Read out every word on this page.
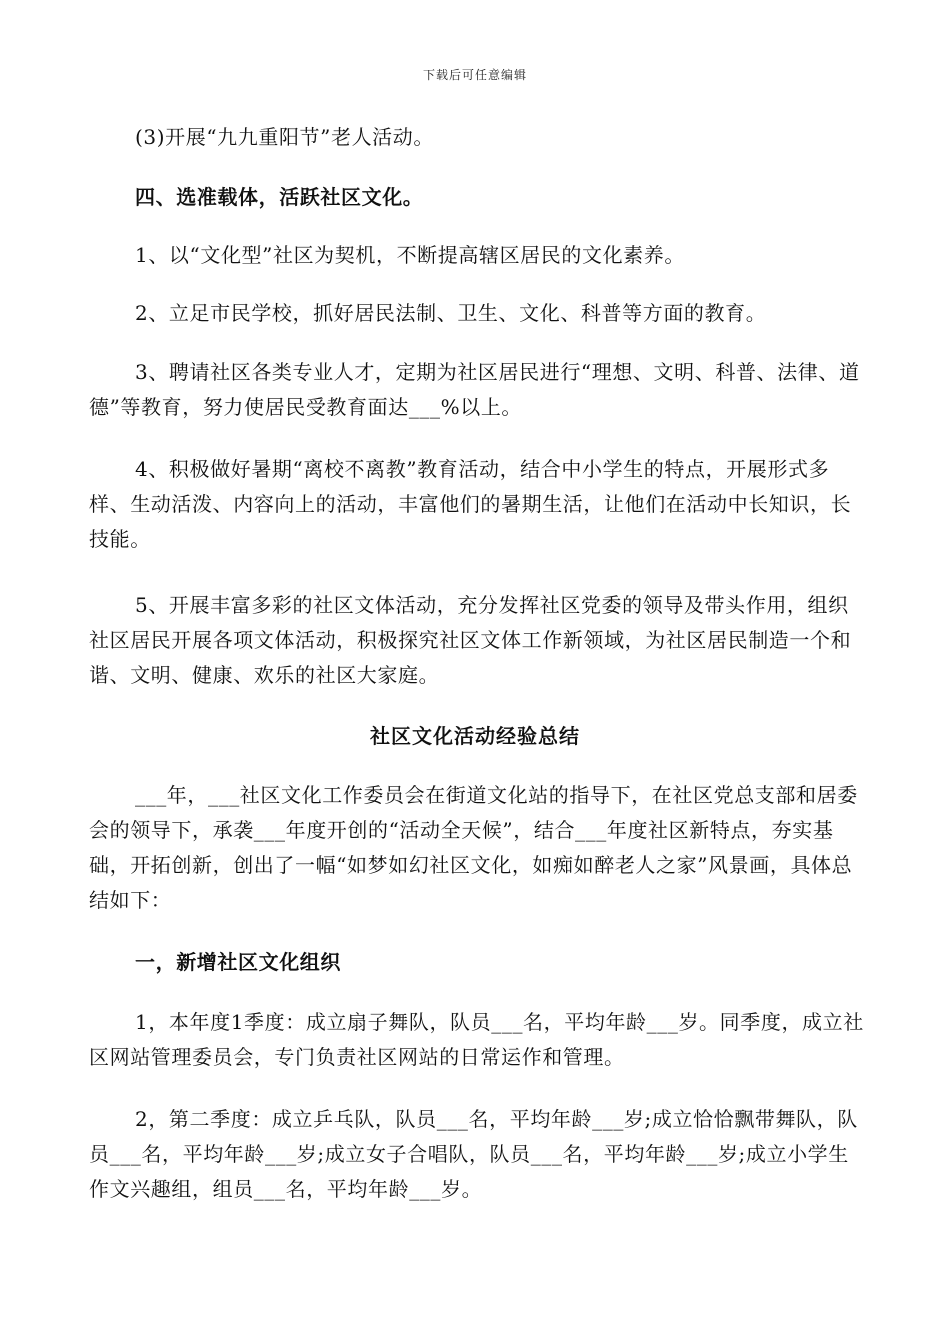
下载后可任意编辑

(3)开展“九九重阳节”老人活动。

四、选准载体，活跃社区文化。

1、以“文化型”社区为契机，不断提高辖区居民的文化素养。

2、立足市民学校，抓好居民法制、卫生、文化、科普等方面的教育。

3、聘请社区各类专业人才，定期为社区居民进行“理想、文明、科普、法律、道德”等教育，努力使居民受教育面达___%以上。

4、积极做好暑期“离校不离教”教育活动，结合中小学生的特点，开展形式多样、生动活泼、内容向上的活动，丰富他们的暑期生活，让他们在活动中长知识，长技能。

5、开展丰富多彩的社区文体活动，充分发挥社区党委的领导及带头作用，组织社区居民开展各项文体活动，积极探究社区文体工作新领域，为社区居民制造一个和谐、文明、健康、欢乐的社区大家庭。

社区文化活动经验总结

___年，___社区文化工作委员会在街道文化站的指导下，在社区党总支部和居委会的领导下，承袭___年度开创的“活动全天候”，结合___年度社区新特点，夯实基础，开拓创新，创出了一幅“如梦如幻社区文化，如痴如醉老人之家”风景画，具体总结如下：

一，新增社区文化组织

1，本年度1季度：成立扇子舞队，队员___名，平均年龄___岁。同季度，成立社区网站管理委员会，专门负责社区网站的日常运作和管理。

2，第二季度：成立乒乓队，队员___名，平均年龄___岁;成立恰恰飘带舞队，队员___名，平均年龄___岁;成立女子合唱队，队员___名，平均年龄___岁;成立小学生作文兴趣组，组员___名，平均年龄___岁。
